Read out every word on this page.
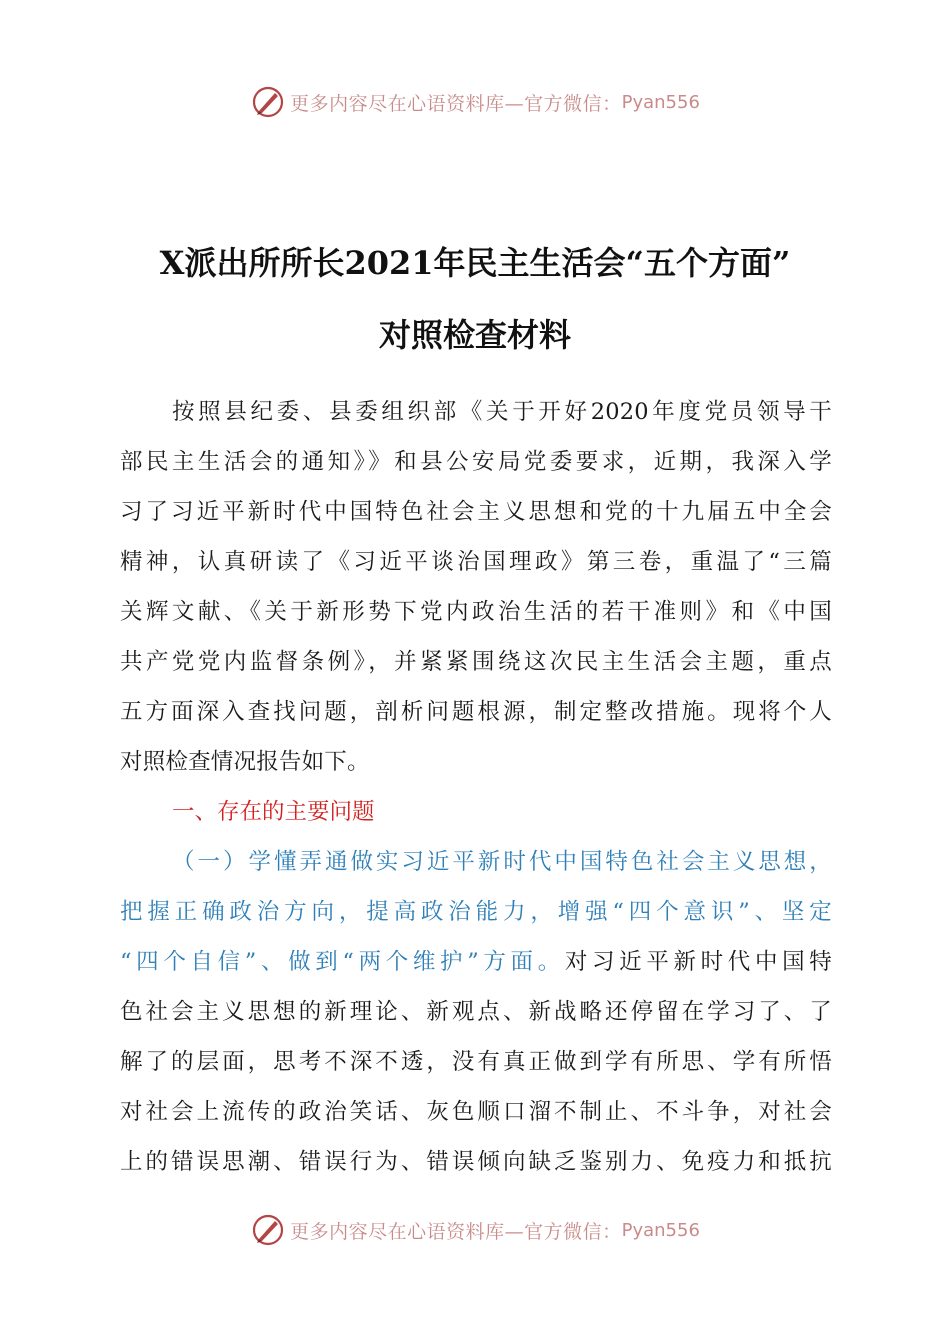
更多内容尽在心语资料库—官方微信： Pyan556
X派出所所长2021年民主生活会“五个方面”
对照检查材料
按照县纪委、县委组织部《关于开好2020年度党员领导干
部民主生活会的通知》》和县公安局党委要求，近期，我深入学
习了习近平新时代中国特色社会主义思想和党的十九届五中全会
精神，认真研读了《习近平谈治国理政》第三卷，重温了“三篇
关辉文献、《关于新形势下党内政治生活的若干准则》和《中国
共产党党内监督条例》，并紧紧围绕这次民主生活会主题，重点
五方面深入查找问题，剖析问题根源，制定整改措施。现将个人
对照检查情况报告如下。
一、存在的主要问题
（一）学懂弄通做实习近平新时代中国特色社会主义思想，
把握正确政治方向，提高政治能力，增强“四个意识”、坚定
“四个自信”、做到“两个维护”方面。对习近平新时代中国特
色社会主义思想的新理论、新观点、新战略还停留在学习了、了
解了的层面，思考不深不透，没有真正做到学有所思、学有所悟
对社会上流传的政治笑话、灰色顺口溜不制止、不斗争，对社会
上的错误思潮、错误行为、错误倾向缺乏鉴别力、免疫力和抵抗
更多内容尽在心语资料库—官方微信： Pyan556
